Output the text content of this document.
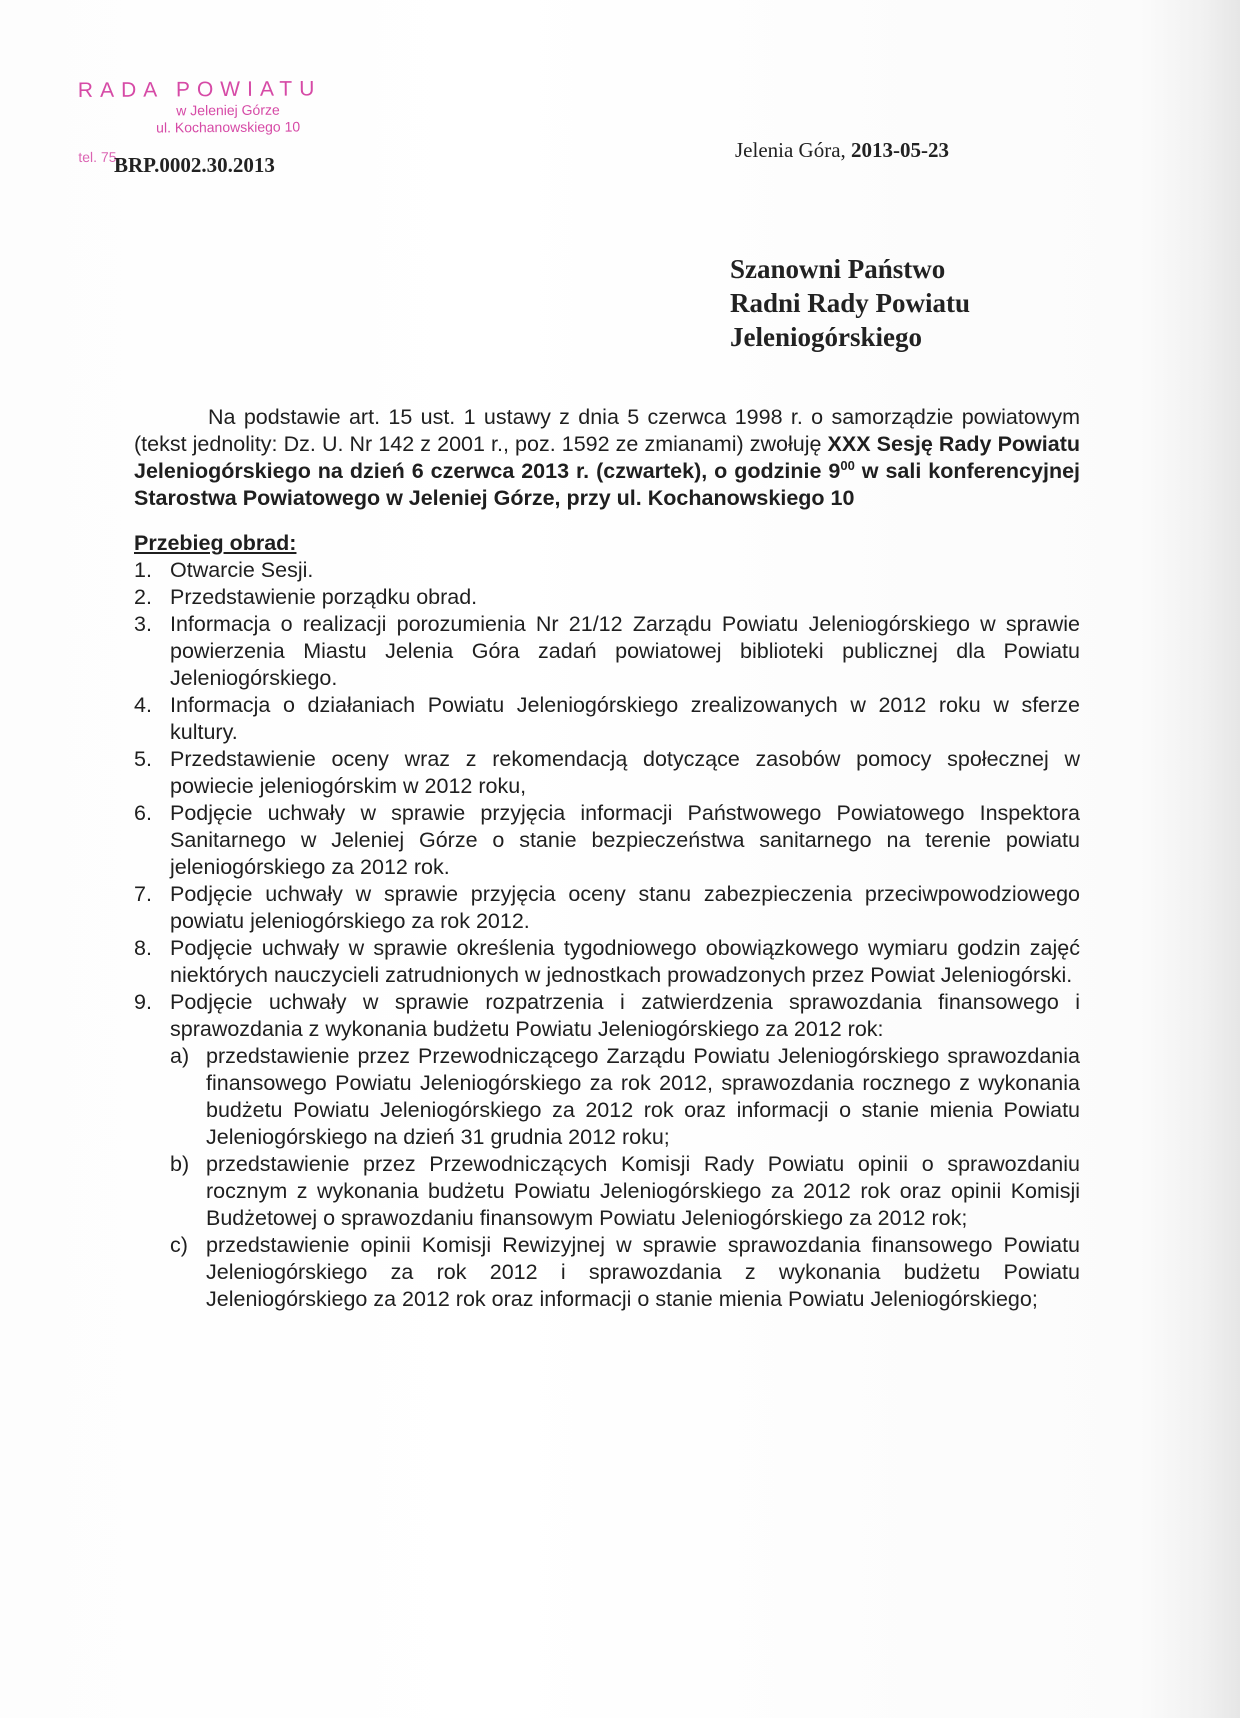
RADA POWIATU
w Jeleniej Górze
ul. Kochanowskiego 10
tel. 75
BRP.0002.30.2013
Jelenia Góra, 2013-05-23
Szanowni Państwo
Radni Rady Powiatu
Jeleniogórskiego

Na podstawie art. 15 ust. 1 ustawy z dnia 5 czerwca 1998 r. o samorządzie powiatowym (tekst jednolity: Dz. U. Nr 142 z 2001 r., poz. 1592 ze zmianami) zwołuję XXX Sesję Rady Powiatu Jeleniogórskiego na dzień 6 czerwca 2013 r. (czwartek), o godzinie $9^{00}$ w sali konferencyjnej Starostwa Powiatowego w Jeleniej Górze, przy ul. Kochanowskiego 10

Przebieg obrad:
1. Otwarcie Sesji.
2. Przedstawienie porządku obrad.
3. Informacja o realizacji porozumienia Nr 21/12 Zarządu Powiatu Jeleniogórskiego w sprawie powierzenia Miastu Jelenia Góra zadań powiatowej biblioteki publicznej dla Powiatu Jeleniogórskiego.
4. Informacja o działaniach Powiatu Jeleniogórskiego zrealizowanych w 2012 roku w sferze kultury.
5. Przedstawienie oceny wraz z rekomendacją dotyczące zasobów pomocy społecznej w powiecie jeleniogórskim w 2012 roku,
6. Podjęcie uchwały w sprawie przyjęcia informacji Państwowego Powiatowego Inspektora Sanitarnego w Jeleniej Górze o stanie bezpieczeństwa sanitarnego na terenie powiatu jeleniogórskiego za 2012 rok.
7. Podjęcie uchwały w sprawie przyjęcia oceny stanu zabezpieczenia przeciwpowodziowego powiatu jeleniogórskiego za rok 2012.
8. Podjęcie uchwały w sprawie określenia tygodniowego obowiązkowego wymiaru godzin zajęć niektórych nauczycieli zatrudnionych w jednostkach prowadzonych przez Powiat Jeleniogórski.
9. Podjęcie uchwały w sprawie rozpatrzenia i zatwierdzenia sprawozdania finansowego i sprawozdania z wykonania budżetu Powiatu Jeleniogórskiego za 2012 rok:
a) przedstawienie przez Przewodniczącego Zarządu Powiatu Jeleniogórskiego sprawozdania finansowego Powiatu Jeleniogórskiego za rok 2012, sprawozdania rocznego z wykonania budżetu Powiatu Jeleniogórskiego za 2012 rok oraz informacji o stanie mienia Powiatu Jeleniogórskiego na dzień 31 grudnia 2012 roku;
b) przedstawienie przez Przewodniczących Komisji Rady Powiatu opinii o sprawozdaniu rocznym z wykonania budżetu Powiatu Jeleniogórskiego za 2012 rok oraz opinii Komisji Budżetowej o sprawozdaniu finansowym Powiatu Jeleniogórskiego za 2012 rok;
c) przedstawienie opinii Komisji Rewizyjnej w sprawie sprawozdania finansowego Powiatu Jeleniogórskiego za rok 2012 i sprawozdania z wykonania budżetu Powiatu Jeleniogórskiego za 2012 rok oraz informacji o stanie mienia Powiatu Jeleniogórskiego;
